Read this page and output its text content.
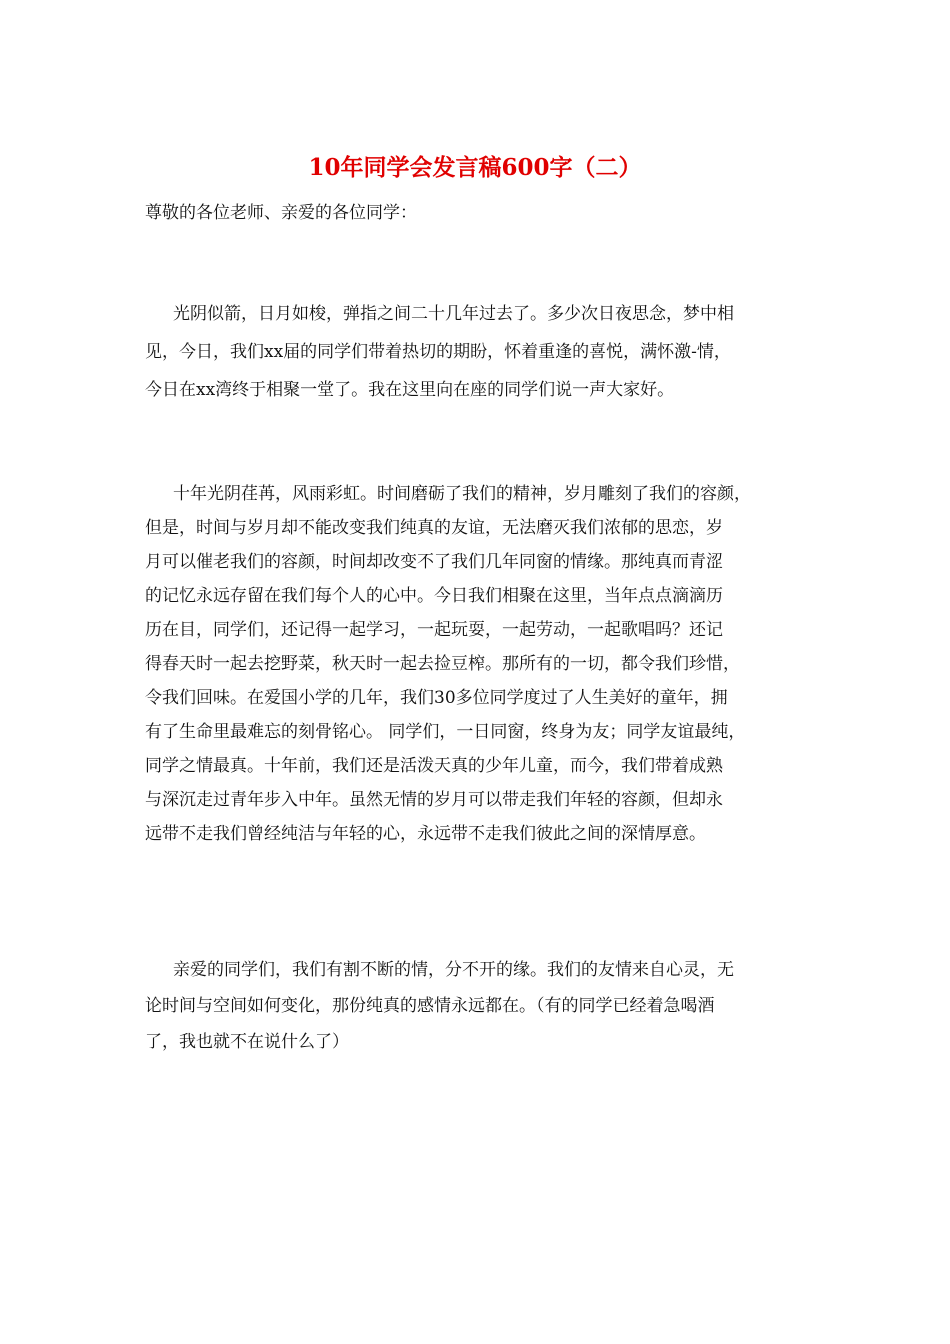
10年同学会发言稿600字（二）
尊敬的各位老师、亲爱的各位同学：
光阴似箭，日月如梭，弹指之间二十几年过去了。多少次日夜思念，梦中相
见，今日，我们xx届的同学们带着热切的期盼，怀着重逢的喜悦，满怀激-情，
今日在xx湾终于相聚一堂了。我在这里向在座的同学们说一声大家好。
十年光阴荏苒，风雨彩虹。时间磨砺了我们的精神，岁月雕刻了我们的容颜，
但是，时间与岁月却不能改变我们纯真的友谊，无法磨灭我们浓郁的思恋，岁
月可以催老我们的容颜，时间却改变不了我们几年同窗的情缘。那纯真而青涩
的记忆永远存留在我们每个人的心中。今日我们相聚在这里，当年点点滴滴历
历在目，同学们，还记得一起学习，一起玩耍，一起劳动，一起歌唱吗？还记
得春天时一起去挖野菜，秋天时一起去捡豆榨。那所有的一切，都令我们珍惜，
令我们回味。在爱国小学的几年，我们30多位同学度过了人生美好的童年，拥
有了生命里最难忘的刻骨铭心。 同学们，一日同窗，终身为友；同学友谊最纯，
同学之情最真。十年前，我们还是活泼天真的少年儿童，而今，我们带着成熟
与深沉走过青年步入中年。虽然无情的岁月可以带走我们年轻的容颜，但却永
远带不走我们曾经纯洁与年轻的心，永远带不走我们彼此之间的深情厚意。
亲爱的同学们，我们有割不断的情，分不开的缘。我们的友情来自心灵，无
论时间与空间如何变化，那份纯真的感情永远都在。（有的同学已经着急喝酒
了，我也就不在说什么了）
